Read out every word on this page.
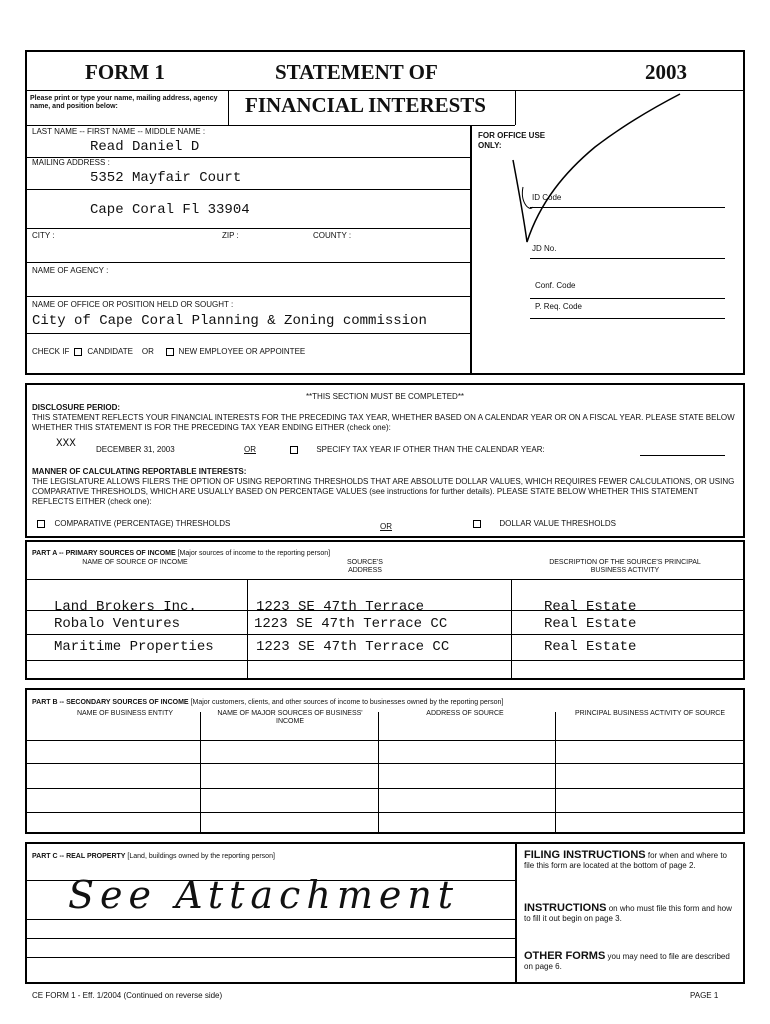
FORM 1	STATEMENT OF	2003
Please print or type your name, mailing address, agency name, and position below:	FINANCIAL INTERESTS
LAST NAME -- FIRST NAME -- MIDDLE NAME :
Read Daniel D
MAILING ADDRESS :
5352 Mayfair Court
Cape Coral Fl 33904
CITY :	ZIP :	COUNTY :
NAME OF AGENCY :
NAME OF OFFICE OR POSITION HELD OR SOUGHT :
City of Cape Coral Planning & Zoning commission
CHECK IF CANDIDATE OR	NEW EMPLOYEE OR APPOINTEE
FOR OFFICE USE ONLY:
ID Code
JD No.
Conf. Code
P. Req. Code
**THIS SECTION MUST BE COMPLETED**
DISCLOSURE PERIOD:
THIS STATEMENT REFLECTS YOUR FINANCIAL INTERESTS FOR THE PRECEDING TAX YEAR, WHETHER BASED ON A CALENDAR YEAR OR ON A FISCAL YEAR. PLEASE STATE BELOW WHETHER THIS STATEMENT IS FOR THE PRECEDING TAX YEAR ENDING EITHER (check one):
XXX	DECEMBER 31, 2003	OR	SPECIFY TAX YEAR IF OTHER THAN THE CALENDAR YEAR:
MANNER OF CALCULATING REPORTABLE INTERESTS:
THE LEGISLATURE ALLOWS FILERS THE OPTION OF USING REPORTING THRESHOLDS THAT ARE ABSOLUTE DOLLAR VALUES, WHICH REQUIRES FEWER CALCULATIONS, OR USING COMPARATIVE THRESHOLDS, WHICH ARE USUALLY BASED ON PERCENTAGE VALUES (see instructions for further details). PLEASE STATE BELOW WHETHER THIS STATEMENT REFLECTS EITHER (check one):
COMPARATIVE (PERCENTAGE) THRESHOLDS	OR	DOLLAR VALUE THRESHOLDS
PART A -- PRIMARY SOURCES OF INCOME [Major sources of income to the reporting person]
NAME OF SOURCE OF INCOME	SOURCE'S ADDRESS
DESCRIPTION OF THE SOURCE'S PRINCIPAL BUSINESS ACTIVITY
Land Brokers Inc.	1223 SE 47th Terrace	Real Estate
Robalo Ventures	1223 SE 47th Terrace CC	Real Estate
Maritime Properties	1223 SE 47th Terrace CC	Real Estate
PART B -- SECONDARY SOURCES OF INCOME [Major customers, clients, and other sources of income to businesses owned by the reporting person]
NAME OF BUSINESS ENTITY	NAME OF MAJOR SOURCES OF BUSINESS' INCOME
ADDRESS OF SOURCE	PRINCIPAL BUSINESS ACTIVITY OF SOURCE
PART C -- REAL PROPERTY [Land, buildings owned by the reporting person]
See Attachment
FILING INSTRUCTIONS for when and where to file this form are located at the bottom of page 2.
INSTRUCTIONS on who must file this form and how to fill it out begin on page 3.
OTHER FORMS you may need to file are described on page 6.
CE FORM 1 - Eff. 1/2004 (Continued on reverse side)	PAGE 1
